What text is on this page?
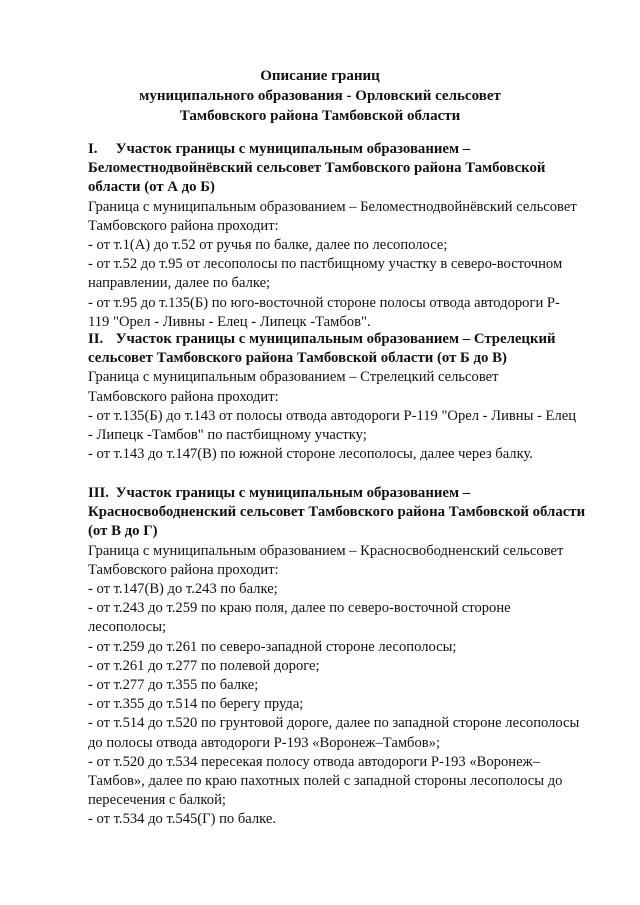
Описание границ
муниципального образования - Орловский сельсовет
Тамбовского района Тамбовской области
I. Участок границы с муниципальным образованием –
Беломестнодвойнёвский сельсовет Тамбовского района Тамбовской
области (от А до Б)
Граница с муниципальным образованием – Беломестнодвойнёвский сельсовет
Тамбовского района проходит:
- от т.1(А) до т.52 от ручья по балке, далее по лесополосе;
- от т.52 до т.95 от лесополосы по пастбищному участку в северо-восточном
направлении, далее по балке;
- от т.95 до т.135(Б) по юго-восточной стороне полосы отвода автодороги Р-
119 "Орел - Ливны - Елец - Липецк -Тамбов".
II. Участок границы с муниципальным образованием – Стрелецкий
сельсовет Тамбовского района Тамбовской области (от Б до В)
Граница с муниципальным образованием – Стрелецкий сельсовет
Тамбовского района проходит:
- от т.135(Б) до т.143 от полосы отвода автодороги Р-119 "Орел - Ливны - Елец
- Липецк -Тамбов" по пастбищному участку;
- от т.143 до т.147(В) по южной стороне лесополосы, далее через балку.
III. Участок границы с муниципальным образованием –
Красносвободненский сельсовет Тамбовского района Тамбовской области
(от В до Г)
Граница с муниципальным образованием – Красносвободненский сельсовет
Тамбовского района проходит:
- от т.147(В) до т.243 по балке;
- от т.243 до т.259 по краю поля, далее по северо-восточной стороне
лесополосы;
- от т.259 до т.261 по северо-западной стороне лесополосы;
- от т.261 до т.277 по полевой дороге;
- от т.277 до т.355 по балке;
- от т.355 до т.514 по берегу пруда;
- от т.514 до т.520 по грунтовой дороге, далее по западной стороне лесополосы
до полосы отвода автодороги Р-193 «Воронеж–Тамбов»;
- от т.520 до т.534 пересекая полосу отвода автодороги Р-193 «Воронеж–
Тамбов», далее по краю пахотных полей с западной стороны лесополосы до
пересечения с балкой;
- от т.534 до т.545(Г) по балке.
